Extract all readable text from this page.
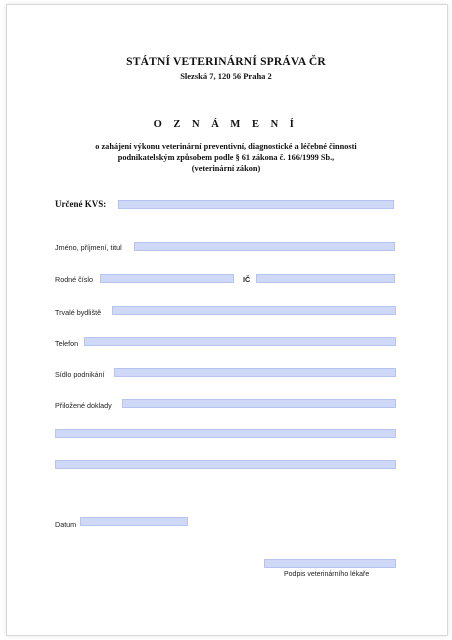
STÁTNÍ VETERINÁRNÍ SPRÁVA ČR
Slezská 7, 120 56 Praha 2
O Z N Á M E N Í
o zahájení výkonu veterinární preventivní, diagnostické a léčebné činnosti
podnikatelským způsobem podle § 61 zákona č. 166/1999 Sb.,
(veterinární zákon)
Určené KVS:
Jméno, příjmení, titul
Rodné číslo	IČ
Trvalé bydliště
Telefon
Sídlo podnikání
Přiložené doklady
Datum
Podpis veterinárního lékaře
